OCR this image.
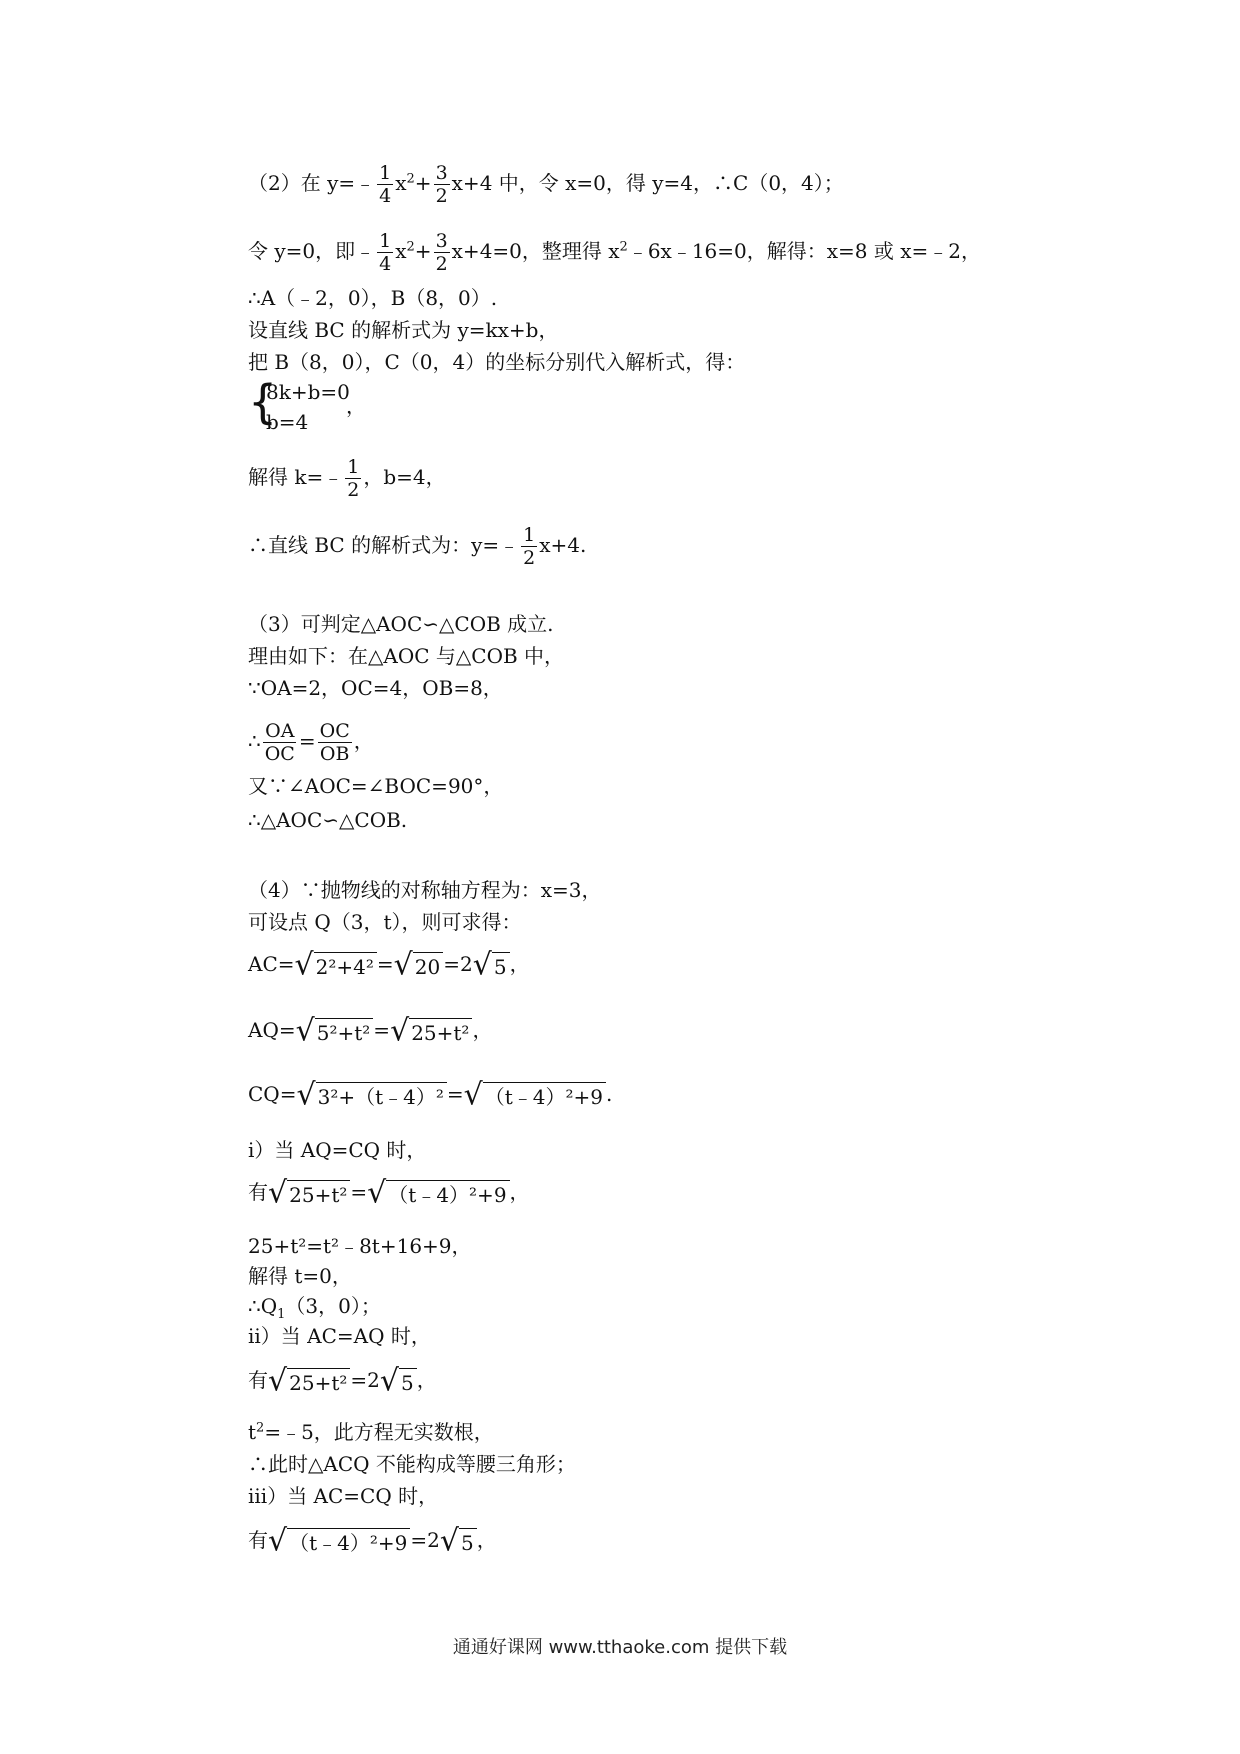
（2）在 y=﹣ $\frac{1}{4} x^2+ \frac{3}{2} x+4$ 中，令 x=0，得 y=4，∴C（0，4）；
令 y=0，即﹣ $\frac{1}{4} x^2+ \frac{3}{2} x+4=0$，整理得 $x^2﹣6x﹣16=0$，解得：x=8 或 x=﹣2，
∴A（﹣2，0），B（8，0）.
设直线 BC 的解析式为 y=kx+b，
把 B（8，0），C（0，4）的坐标分别代入解析式，得：
{
8k+b=0
b=4
，
解得 k=﹣ $\frac{1}{2}$ ，b=4，
∴直线 BC 的解析式为：y=﹣ $\frac{1}{2} x+4$.
（3）可判定△AOC∽△COB 成立.
理由如下：在△AOC 与△COB 中，
∵OA=2，OC=4，OB=8，
∴ $\frac{OA}{OC} = \frac{OC}{OB}$ ，
又∵∠AOC=∠BOC=90°，
∴△AOC∽△COB.
（4）∵抛物线的对称轴方程为：x=3，
可设点 Q（3，t），则可求得：
AC=√ 2²+4² =√ 20 =2√ 5 ，
AQ=√ 5²+t² =√ 25+t² ，
CQ=√ 3²+（t﹣4）² =√ （t﹣4）²+9 .
i）当 AQ=CQ 时，
有√ 25+t² =√ （t﹣4）²+9 ，
25+t²=t²﹣8t+16+9，
解得 t=0，
$\therefore Q_1(3$，0）；
ii）当 AC=AQ 时，
有√ 25+t² =2√ 5 ，
$t^2=﹣5$，此方程无实数根，
∴此时△ACQ 不能构成等腰三角形；
iii）当 AC=CQ 时，
有√ （t﹣4）²+9 =2√ 5 ，
通通好课网 www.tthaoke.com 提供下载
